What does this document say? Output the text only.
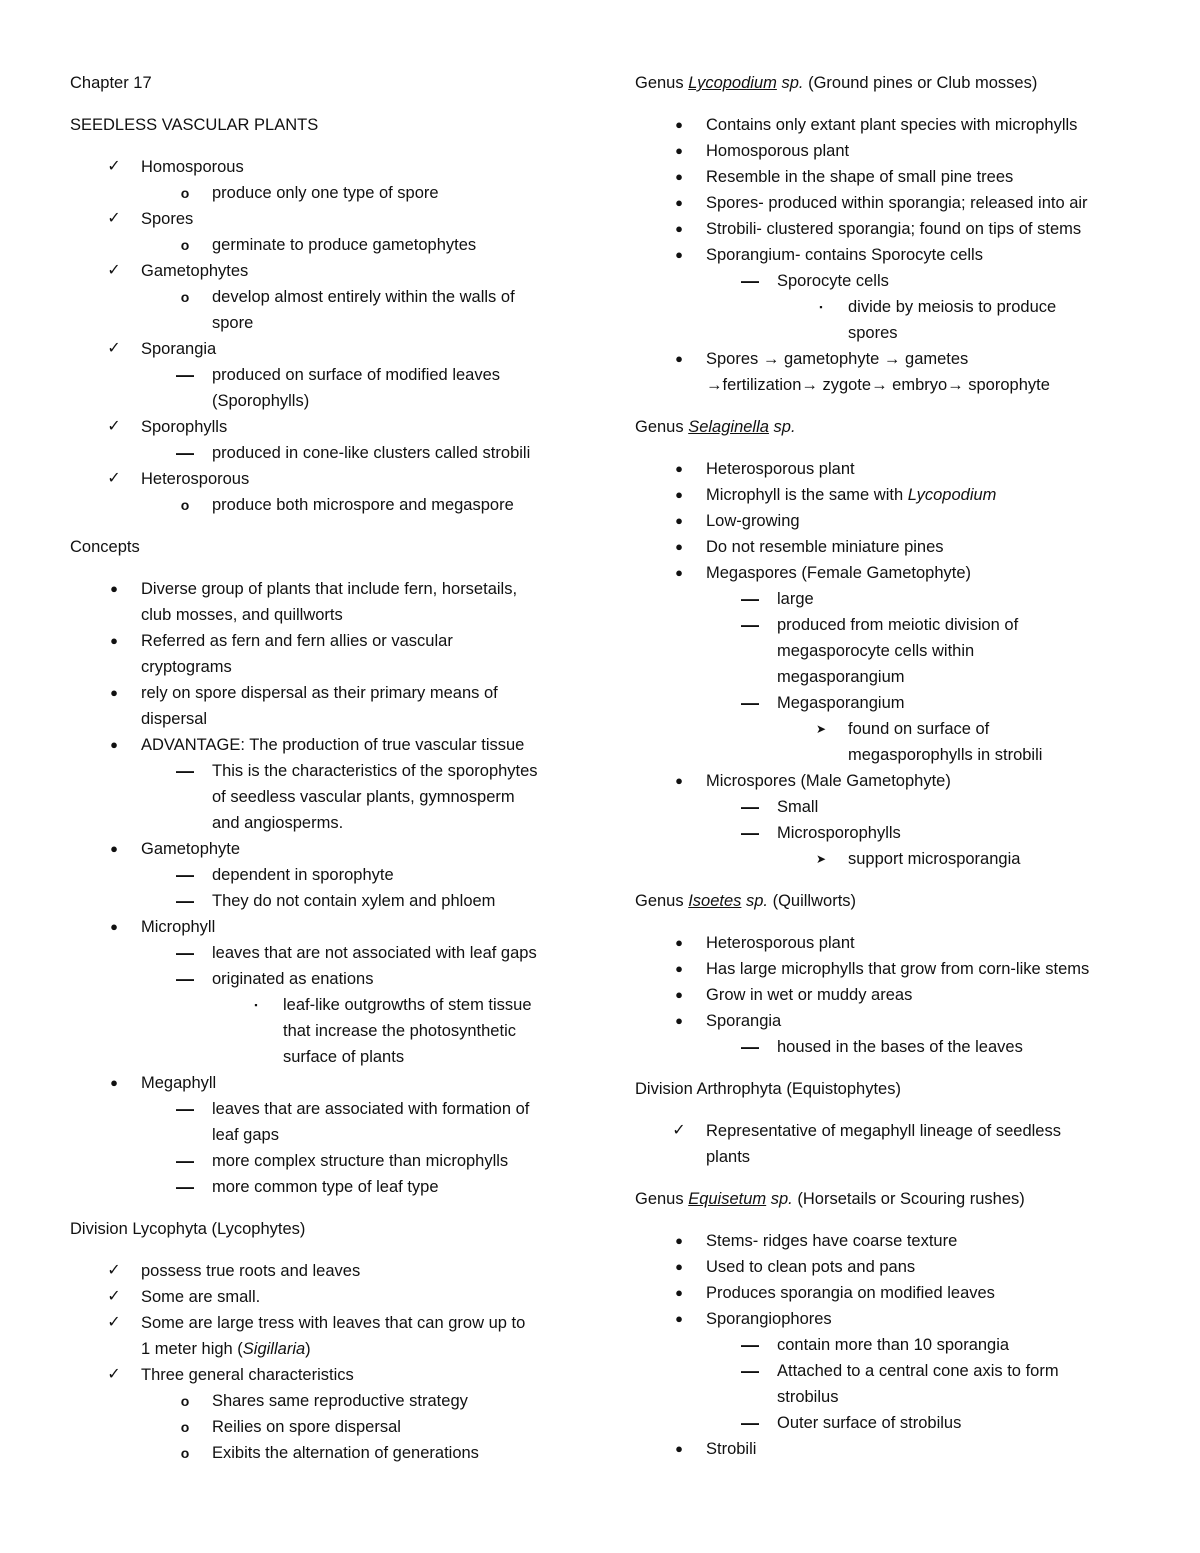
Chapter 17
SEEDLESS VASCULAR PLANTS
✓ Homosporous
o	produce only one type of spore
✓ Spores
o	germinate to produce gametophytes
✓ Gametophytes
o	develop almost entirely within the walls of
spore
✓ Sporangia
— produced on surface of modified leaves
(Sporophylls)
✓ Sporophylls
— produced in cone-like clusters called strobili
✓ Heterosporous
o	produce both microspore and megaspore
Concepts
●	Diverse group of plants that include fern, horsetails,
club mosses, and quillworts
●	Referred as fern and fern allies or vascular
cryptograms
●	rely on spore dispersal as their primary means of
dispersal
●	ADVANTAGE: The production of true vascular tissue
— This is the characteristics of the sporophytes
of seedless vascular plants, gymnosperm
and angiosperms.
●	Gametophyte
— dependent in sporophyte
— They do not contain xylem and phloem
●	Microphyll
— leaves that are not associated with leaf gaps
— originated as enations
▪	leaf-like outgrowths of stem tissue
that increase the photosynthetic
surface of plants
●	Megaphyll
— leaves that are associated with formation of
leaf gaps
— more complex structure than microphylls
— more common type of leaf type
Division Lycophyta (Lycophytes)
✓ possess true roots and leaves
✓ Some are small.
✓ Some are large tress with leaves that can grow up to
1 meter high (Sigillaria)
✓ Three general characteristics
o	Shares same reproductive strategy
o	Reilies on spore dispersal
o	Exibits the alternation of generations
Genus Lycopodium sp. (Ground pines or Club mosses)
●	Contains only extant plant species with microphylls
●	Homosporous plant
●	Resemble in the shape of small pine trees
●	Spores- produced within sporangia; released into air
●	Strobili- clustered sporangia; found on tips of stems
●	Sporangium- contains Sporocyte cells
— Sporocyte cells
▪	divide by meiosis to produce
spores
●	Spores → gametophyte → gametes
→fertilization→ zygote→ embryo→ sporophyte
Genus Selaginella sp.
●	Heterosporous plant
●	Microphyll is the same with Lycopodium
●	Low-growing
●	Do not resemble miniature pines
●	Megaspores (Female Gametophyte)
— large
— produced from meiotic division of
megasporocyte cells within
megasporangium
— Megasporangium
➤	found on surface of
megasporophylls in strobili
●	Microspores (Male Gametophyte)
— Small
— Microsporophylls
➤	support microsporangia
Genus Isoetes sp. (Quillworts)
●	Heterosporous plant
●	Has large microphylls that grow from corn-like stems
●	Grow in wet or muddy areas
●	Sporangia
— housed in the bases of the leaves
Division Arthrophyta (Equistophytes)
✓ Representative of megaphyll lineage of seedless
plants
Genus Equisetum sp. (Horsetails or Scouring rushes)
●	Stems- ridges have coarse texture
●	Used to clean pots and pans
●	Produces sporangia on modified leaves
●	Sporangiophores
— contain more than 10 sporangia
— Attached to a central cone axis to form
strobilus
— Outer surface of strobilus
●	Strobili
